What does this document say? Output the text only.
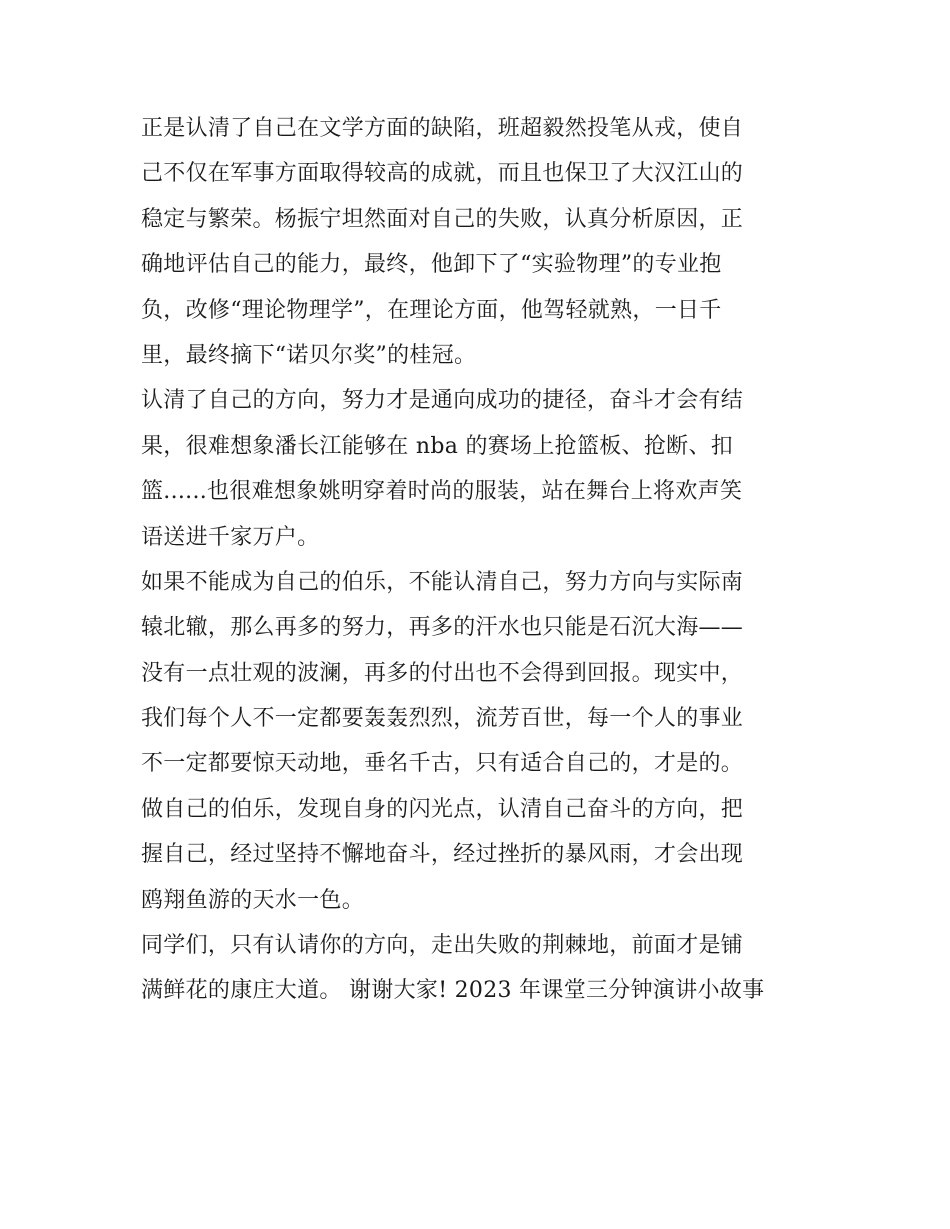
正是认清了自己在文学方面的缺陷，班超毅然投笔从戎，使自
己不仅在军事方面取得较高的成就，而且也保卫了大汉江山的
稳定与繁荣。杨振宁坦然面对自己的失败，认真分析原因，正
确地评估自己的能力，最终，他卸下了“实验物理”的专业抱
负，改修“理论物理学”，在理论方面，他驾轻就熟，一日千
里，最终摘下“诺贝尔奖”的桂冠。
认清了自己的方向，努力才是通向成功的捷径，奋斗才会有结
果，很难想象潘长江能够在 nba 的赛场上抢篮板、抢断、扣
篮......也很难想象姚明穿着时尚的服装，站在舞台上将欢声笑
语送进千家万户。
如果不能成为自己的伯乐，不能认清自己，努力方向与实际南
辕北辙，那么再多的努力，再多的汗水也只能是石沉大海——
没有一点壮观的波澜，再多的付出也不会得到回报。现实中，
我们每个人不一定都要轰轰烈烈，流芳百世，每一个人的事业
不一定都要惊天动地，垂名千古，只有适合自己的，才是的。
做自己的伯乐，发现自身的闪光点，认清自己奋斗的方向，把
握自己，经过坚持不懈地奋斗，经过挫折的暴风雨，才会出现
鸥翔鱼游的天水一色。
同学们，只有认请你的方向，走出失败的荆棘地，前面才是铺
满鲜花的康庄大道。 谢谢大家! 2023 年课堂三分钟演讲小故事
